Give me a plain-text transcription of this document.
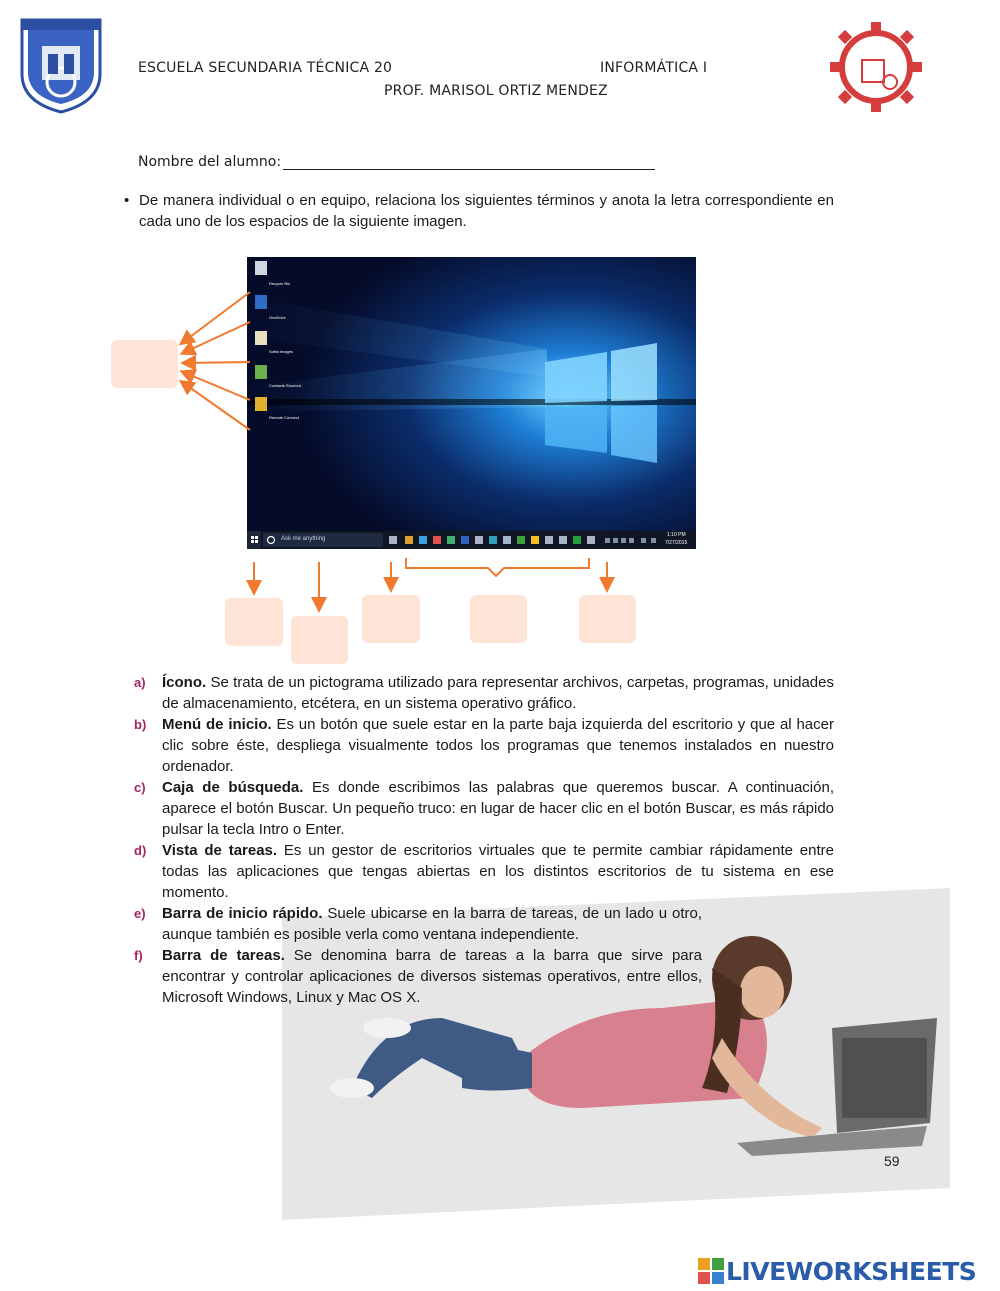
ESCUELA SECUNDARIA TÉCNICA 20	INFORMÁTICA I
PROF. MARISOL ORTIZ MENDEZ
Nombre del alumno:
• De manera individual o en equipo, relaciona los siguientes términos y anota la letra correspondiente en cada uno de los espacios de la siguiente imagen.
Recycle Bin
OneDrive
Softw images
Contacts Shortcut
Remote Connect
Ask me anything
1:10 PM
7/27/2015
a) Ícono. Se trata de un pictograma utilizado para representar archivos, carpetas, programas, unidades de almacenamiento, etcétera, en un sistema operativo gráfico.
b) Menú de inicio. Es un botón que suele estar en la parte baja izquierda del escritorio y que al hacer clic sobre éste, despliega visualmente todos los programas que tenemos instalados en nuestro ordenador.
c) Caja de búsqueda. Es donde escribimos las palabras que queremos buscar. A continuación, aparece el botón Buscar. Un pequeño truco: en lugar de hacer clic en el botón Buscar, es más rápido pulsar la tecla Intro o Enter.
d) Vista de tareas. Es un gestor de escritorios virtuales que te permite cambiar rápidamente entre todas las aplicaciones que tengas abiertas en los distintos escritorios de tu sistema en ese momento.
e) Barra de inicio rápido. Suele ubicarse en la barra de tareas, de un lado u otro, aunque también es posible verla como ventana independiente.
f) Barra de tareas. Se denomina barra de tareas a la barra que sirve para encontrar y controlar aplicaciones de diversos sistemas operativos, entre ellos, Microsoft Windows, Linux y Mac OS X.
59
LIVEWORKSHEETS
